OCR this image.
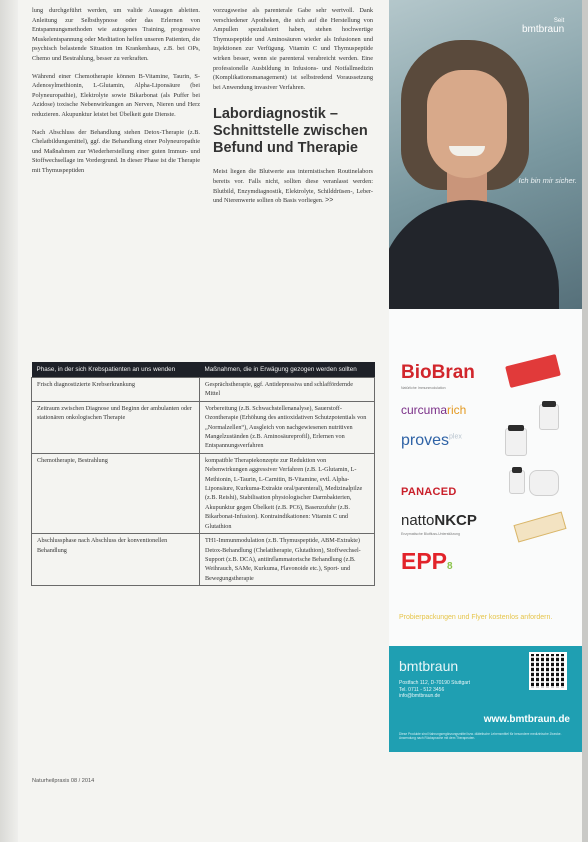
lung durchgeführt werden, um valide Aussagen ableiten. Anleitung zur Selbsthypnose oder das Erlernen von Entspannungsmethoden wie autogenes Training, progressive Muskelentspannung oder Meditation helfen unseren Patienten, die psychisch belastende Situation im Krankenhaus, z.B. bei OPs, Chemo und Bestrahlung, besser zu verkraften.

Während einer Chemotherapie können B-Vitamine, Taurin, S-Adenosylmethionin, L-Glutamin, Alpha-Liponsäure (bei Polyneuropathie), Elektrolyte sowie Bikarbonat (als Puffer bei Azidose) toxische Nebenwirkungen an Nerven, Nieren und Herz reduzieren. Akupunktur leistet bei Übelkeit gute Dienste.

Nach Abschluss der Behandlung stehen Detox-Therapie (z.B. Chelatbildungsmittel), ggf. die Behandlung einer Polyneuropathie und Maßnahmen zur Wiederherstellung einer guten Immun- und Stoffwechsellage im Vordergrund. In dieser Phase ist die Therapie mit Thymuspeptiden

vorzugsweise als parenterale Gabe sehr wertvoll. Dank verschiedener Apotheken, die sich auf die Herstellung von Ampullen spezialisiert haben, stehen hochwertige Thymuspeptide und Aminosäuren wieder als Infusionen und Injektionen zur Verfügung. Vitamin C und Thymuspeptide wirken besser, wenn sie parenteral verabreicht werden. Eine professionelle Ausbildung in Infusions- und Notfallmedizin (Komplikationsmanagement) ist selbstredend Voraussetzung bei Anwendung invasiver Verfahren.

Labordiagnostik – Schnittstelle zwischen Befund und Therapie

Meist liegen die Blutwerte aus internistischen Routinelabors bereits vor. Falls nicht, sollten diese veranlasst werden: Blutbild, Enzymdiagnostik, Elektrolyte, Schilddrüsen-, Leber- und Nierenwerte sollten ob Basis vorliegen. >>

Phase, in der sich Krebspatienten an uns wenden	Maßnahmen, die in Erwägung gezogen werden sollten
Frisch diagnostizierte Krebserkrankung	Gesprächstherapie, ggf. Antidepressiva und schlaffördernde Mittel
Zeitraum zwischen Diagnose und Beginn der ambulanten oder stationären onkologischen Therapie	Vorbereitung (z.B. Schwachstellenanalyse), Sauerstoff-Ozontherapie (Erhöhung des antioxidativen Schutzpotentials von „Normalzellen“), Ausgleich von nachgewiesenen nutritiven Mangelzuständen (z.B. Aminosäureprofil), Erlernen von Entspannungsverfahren
Chemotherapie, Bestrahlung	kompatible Therapiekonzepte zur Reduktion von Nebenwirkungen aggressiver Verfahren (z.B. L-Glutamin, L-Methionin, L-Taurin, L-Carnitin, B-Vitamine, evtl. Alpha-Liponsäure, Kurkuma-Extrakte oral/parenteral), Medizinalpilze (z.B. Reishi), Stabilisation physiologischer Darmbakterien, Akupunktur gegen Übelkeit (z.B. PC6), Basenzufuhr (z.B. Bikarbonat-Infusion). Kontraindikationen: Vitamin C und Glutathion
Abschlussphase nach Abschluss der konventionellen Behandlung	TH1-Immunmodulation (z.B. Thymuspeptide, ABM-Extrakte) Detox-Behandlung (Chelattherapie, Glutathion), Stoffwechsel-Support (z.B. DCA), antiinflammatorische Behandlung (z.B. Weihrauch, SAMe, Kurkuma, Flavonoide etc.), Sport- und Bewegungstherapie
Naturheilpraxis 08 / 2014
Seit
bmtbraun
Ich bin mir sicher.
BioBran
Natürliche Immunmodulation
curcumarich
proves$^{plex}$
PANACED
nattoNKCP
Enzymatische Blutfluss-Unterstützung
EPP8
Probierpackungen und Flyer kostenlos anfordern.
bmtbraun
Postfach 112, D-70190 Stuttgart
Tel. 0711 - 512 3456
info@bmtbraun.de
www.bmtbraun.de
Diese Produkte sind Nahrungsergänzungsmittel bzw. diätetische Lebensmittel für besondere medizinische Zwecke. Anwendung nach Rücksprache mit dem Therapeuten.
